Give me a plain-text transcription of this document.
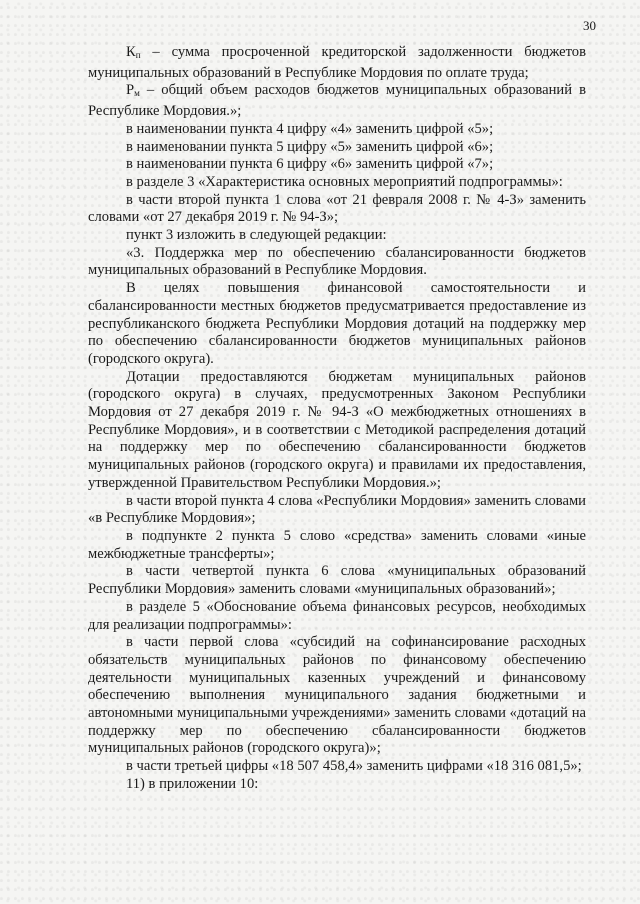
30

$К_п$ – сумма просроченной кредиторской задолженности бюджетов муниципальных образований в Республике Мордовия по оплате труда;

$Р_м$ – общий объем расходов бюджетов муниципальных образований в Республике Мордовия.»;

в наименовании пункта 4 цифру «4» заменить цифрой «5»;

в наименовании пункта 5 цифру «5» заменить цифрой «6»;

в наименовании пункта 6 цифру «6» заменить цифрой «7»;

в разделе 3 «Характеристика основных мероприятий подпрограммы»:

в части второй пункта 1 слова «от 21 февраля 2008 г. № 4-З» заменить словами «от 27 декабря 2019 г. № 94-З»;

пункт 3 изложить в следующей редакции:

«3. Поддержка мер по обеспечению сбалансированности бюджетов муниципальных образований в Республике Мордовия.

В целях повышения финансовой самостоятельности и сбалансированности местных бюджетов предусматривается предоставление из республиканского бюджета Республики Мордовия дотаций на поддержку мер по обеспечению сбалансированности бюджетов муниципальных районов (городского округа).

Дотации предоставляются бюджетам муниципальных районов (городского округа) в случаях, предусмотренных Законом Республики Мордовия от 27 декабря 2019 г. № 94-З «О межбюджетных отношениях в Республике Мордовия», и в соответствии с Методикой распределения дотаций на поддержку мер по обеспечению сбалансированности бюджетов муниципальных районов (городского округа) и правилами их предоставления, утвержденной Правительством Республики Мордовия.»;

в части второй пункта 4 слова «Республики Мордовия» заменить словами «в Республике Мордовия»;

в подпункте 2 пункта 5 слово «средства» заменить словами «иные межбюджетные трансферты»;

в части четвертой пункта 6 слова «муниципальных образований Республики Мордовия» заменить словами «муниципальных образований»;

в разделе 5 «Обоснование объема финансовых ресурсов, необходимых для реализации подпрограммы»:

в части первой слова «субсидий на софинансирование расходных обязательств муниципальных районов по финансовому обеспечению деятельности муниципальных казенных учреждений и финансовому обеспечению выполнения муниципального задания бюджетными и автономными муниципальными учреждениями» заменить словами «дотаций на поддержку мер по обеспечению сбалансированности бюджетов муниципальных районов (городского округа)»;

в части третьей цифры «18 507 458,4» заменить цифрами «18 316 081,5»;

11) в приложении 10:
